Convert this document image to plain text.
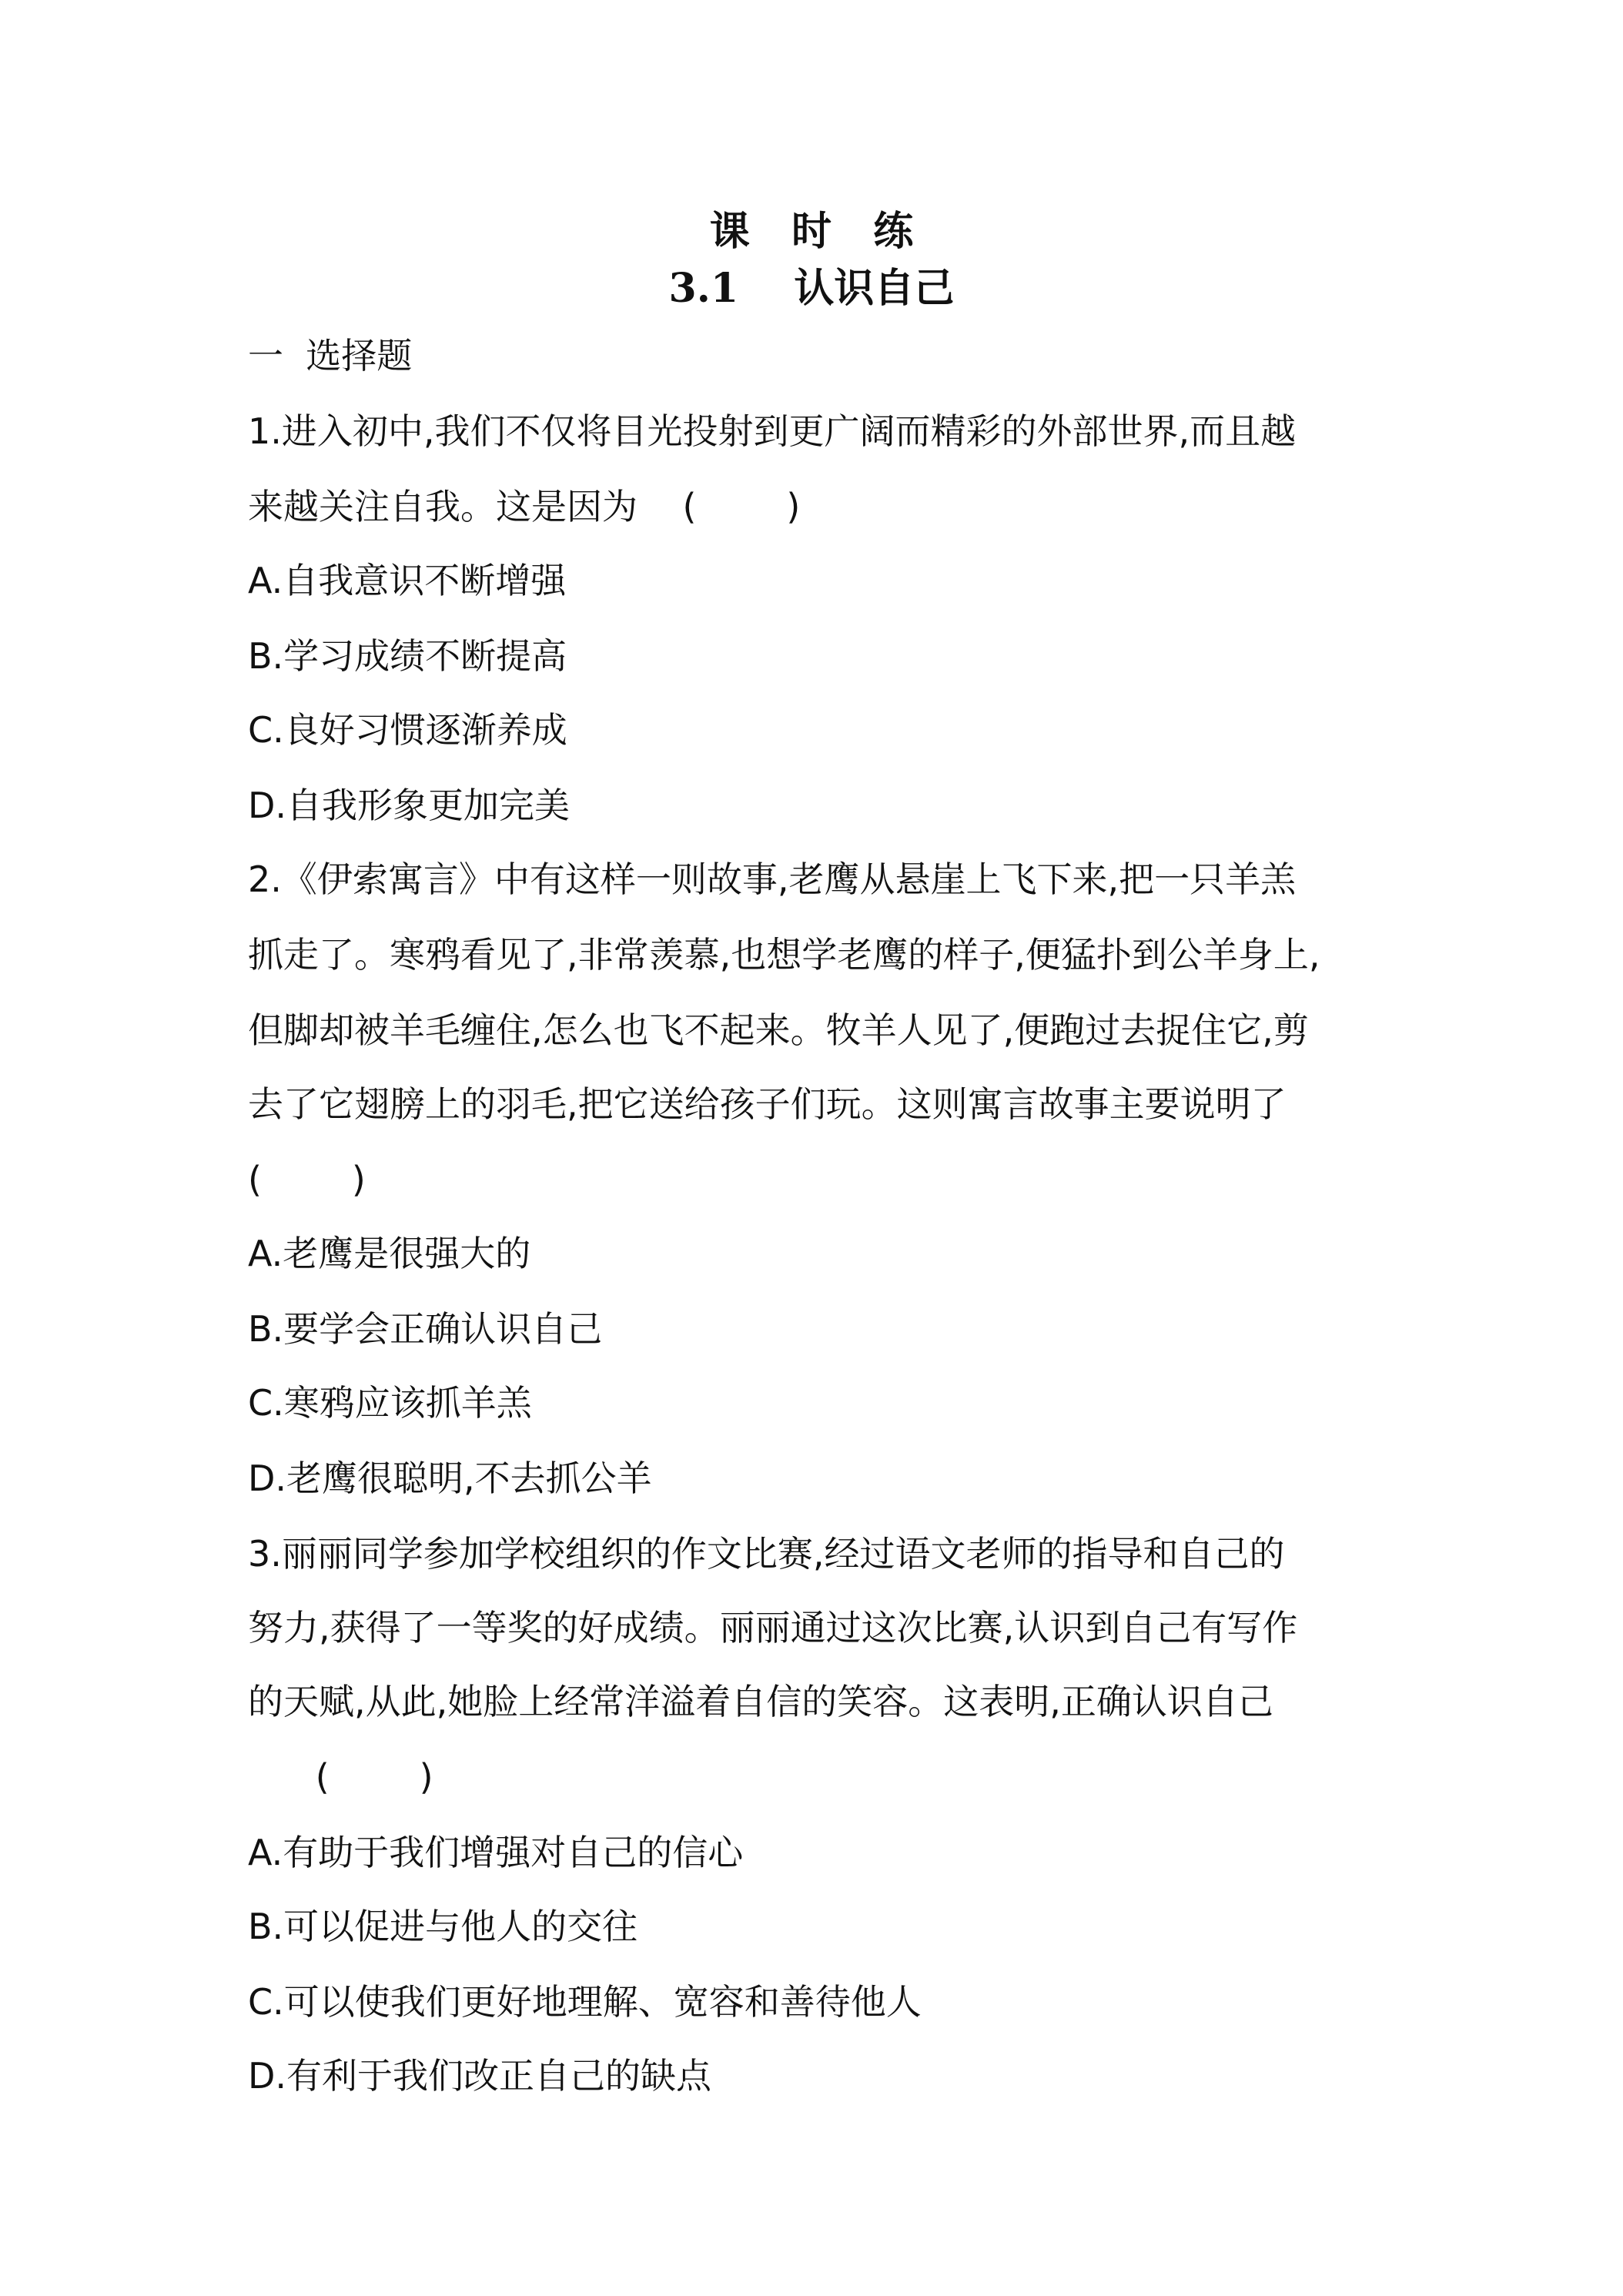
课   时   练
3.1    认识自己
一  选择题
1.进入初中,我们不仅将目光投射到更广阔而精彩的外部世界,而且越
来越关注自我。这是因为    (        )
A.自我意识不断增强
B.学习成绩不断提高
C.良好习惯逐渐养成
D.自我形象更加完美
2.《伊索寓言》中有这样一则故事,老鹰从悬崖上飞下来,把一只羊羔
抓走了。寒鸦看见了,非常羡慕,也想学老鹰的样子,便猛扑到公羊身上,
但脚却被羊毛缠住,怎么也飞不起来。牧羊人见了,便跑过去捉住它,剪
去了它翅膀上的羽毛,把它送给孩子们玩。这则寓言故事主要说明了
(        )
A.老鹰是很强大的
B.要学会正确认识自己
C.寒鸦应该抓羊羔
D.老鹰很聪明,不去抓公羊
3.丽丽同学参加学校组织的作文比赛,经过语文老师的指导和自己的
努力,获得了一等奖的好成绩。丽丽通过这次比赛,认识到自己有写作
的天赋,从此,她脸上经常洋溢着自信的笑容。这表明,正确认识自己
(        )
A.有助于我们增强对自己的信心
B.可以促进与他人的交往
C.可以使我们更好地理解、宽容和善待他人
D.有利于我们改正自己的缺点
